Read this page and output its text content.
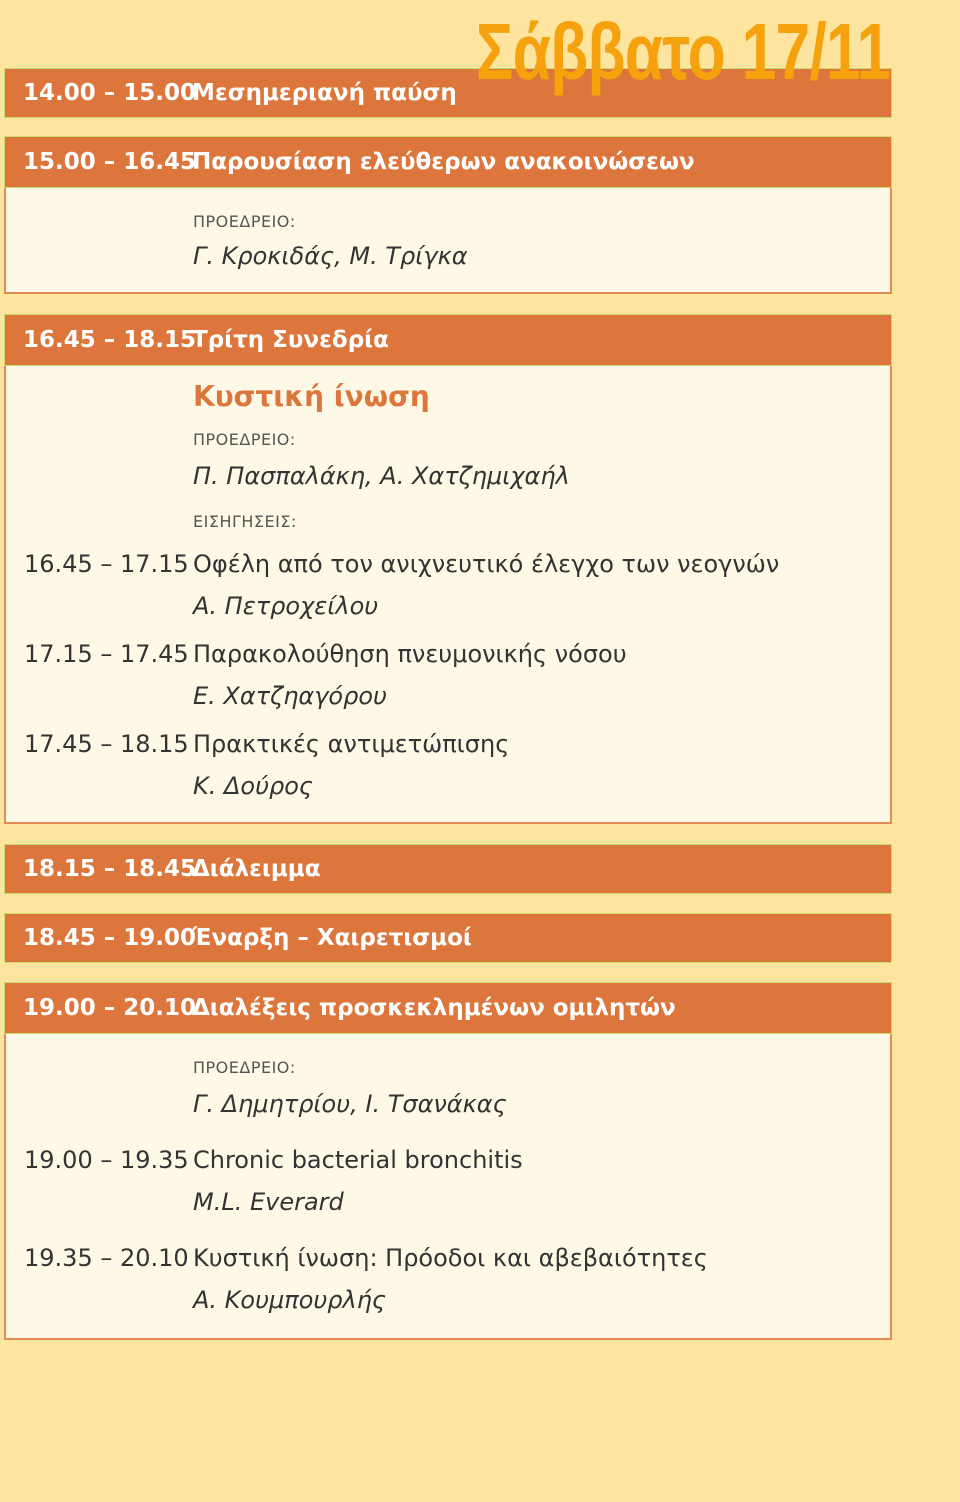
Σάββατο 17/11
14.00 – 15.00
Μεσημεριανή παύση
15.00 – 16.45
Παρουσίαση ελεύθερων ανακοινώσεων
ΠΡΟΕΔΡΕΙΟ:
Γ. Κροκιδάς, Μ. Τρίγκα
16.45 – 18.15
Τρίτη Συνεδρία
Κυστική ίνωση
ΠΡΟΕΔΡΕΙΟ:
Π. Πασπαλάκη, Α. Χατζημιχαήλ
ΕΙΣΗΓΗΣΕΙΣ:
16.45 – 17.15 Οφέλη από τον ανιχνευτικό έλεγχο των νεογνών
Α. Πετροχείλου
17.15 – 17.45 Παρακολούθηση πνευμονικής νόσου
Ε. Χατζηαγόρου
17.45 – 18.15 Πρακτικές αντιμετώπισης
Κ. Δούρος
18.15 – 18.45
Διάλειμμα
18.45 – 19.00
Έναρξη – Χαιρετισμοί
19.00 – 20.10
Διαλέξεις προσκεκλημένων ομιλητών
ΠΡΟΕΔΡΕΙΟ:
Γ. Δημητρίου, Ι. Τσανάκας
19.00 – 19.35 Chronic bacterial bronchitis
M.L. Everard
19.35 – 20.10 Κυστική ίνωση: Πρόοδοι και αβεβαιότητες
Α. Κουμπουρλής
